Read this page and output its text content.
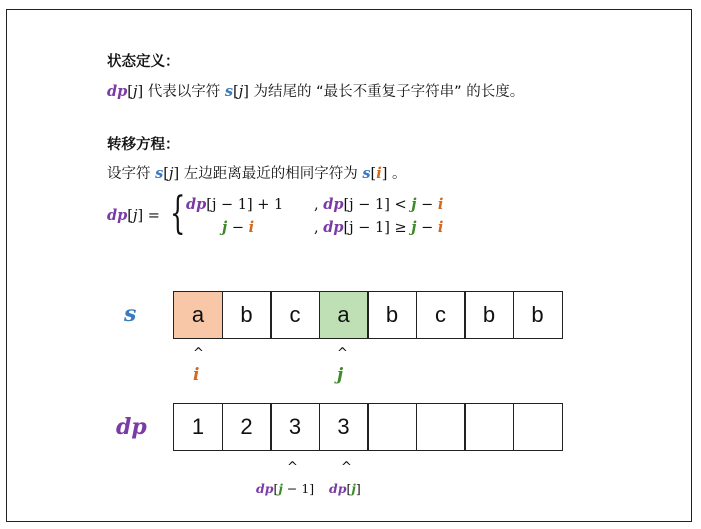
状态定义：
dp[j] 代表以字符 s[j] 为结尾的 “最长不重复子字符串” 的长度。
转移方程：
设字符 s[j] 左边距离最近的相同字符为 s[i] 。
dp[j] = { dp[j − 1] + 1 , dp[j − 1] < j − i
j − i	, dp[j − 1] ≥ j − i
s	a	b	c	a	b	c	b	b
^
i
^
j
dp	1	2	3	3
^	^
dp[j − 1] dp[j]
